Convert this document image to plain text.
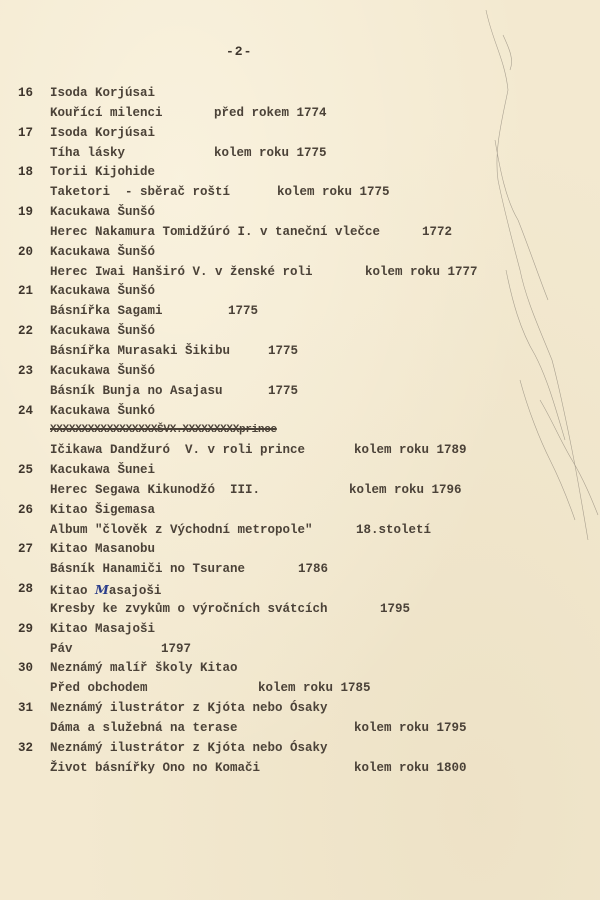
-2-
16	Isoda Korjúsai
Kouřící milenci	před rokem 1774
17	Isoda Korjúsai
Tíha lásky	kolem roku 1775
18	Torii Kijohide
Taketori  - sběrač roští	kolem roku 1775
19	Kacukawa Šunšó
Herec Nakamura Tomidžúró I. v taneční vlečce	1772
20	Kacukawa Šunšó
Herec Iwai Hanširó V. v ženské roli	kolem roku 1777
21	Kacukawa Šunšó
Básnířka Sagami	1775
22	Kacukawa Šunšó
Básnířka Murasaki Šikibu	1775
23	Kacukawa Šunšó
Básník Bunja no Asajasu	1775
24	Kacukawa Šunkó
XXXXXXXXXXXXXXXXXŠVX.XXXXXXXXXprince
Ičikawa Dandžuró  V. v roli prince	kolem roku 1789
25	Kacukawa Šunei
Herec Segawa Kikunodžó  III.	kolem roku 1796
26	Kitao Šigemasa
Album "člověk z Východní metropole"	18.století
27	Kitao Masanobu
Básník Hanamiči no Tsurane	1786
28	Kitao Masajoši
Kresby ke zvykům o výročních svátcích	1795
29	Kitao Masajoši
Páv	1797
30	Neznámý malíř školy Kitao
Před obchodem	kolem roku 1785
31	Neznámý ilustrátor z Kjóta nebo Ósaky
Dáma a služebná na terase	kolem roku 1795
32	Neznámý ilustrátor z Kjóta nebo Ósaky
Život básnířky Ono no Komači	kolem roku 1800
